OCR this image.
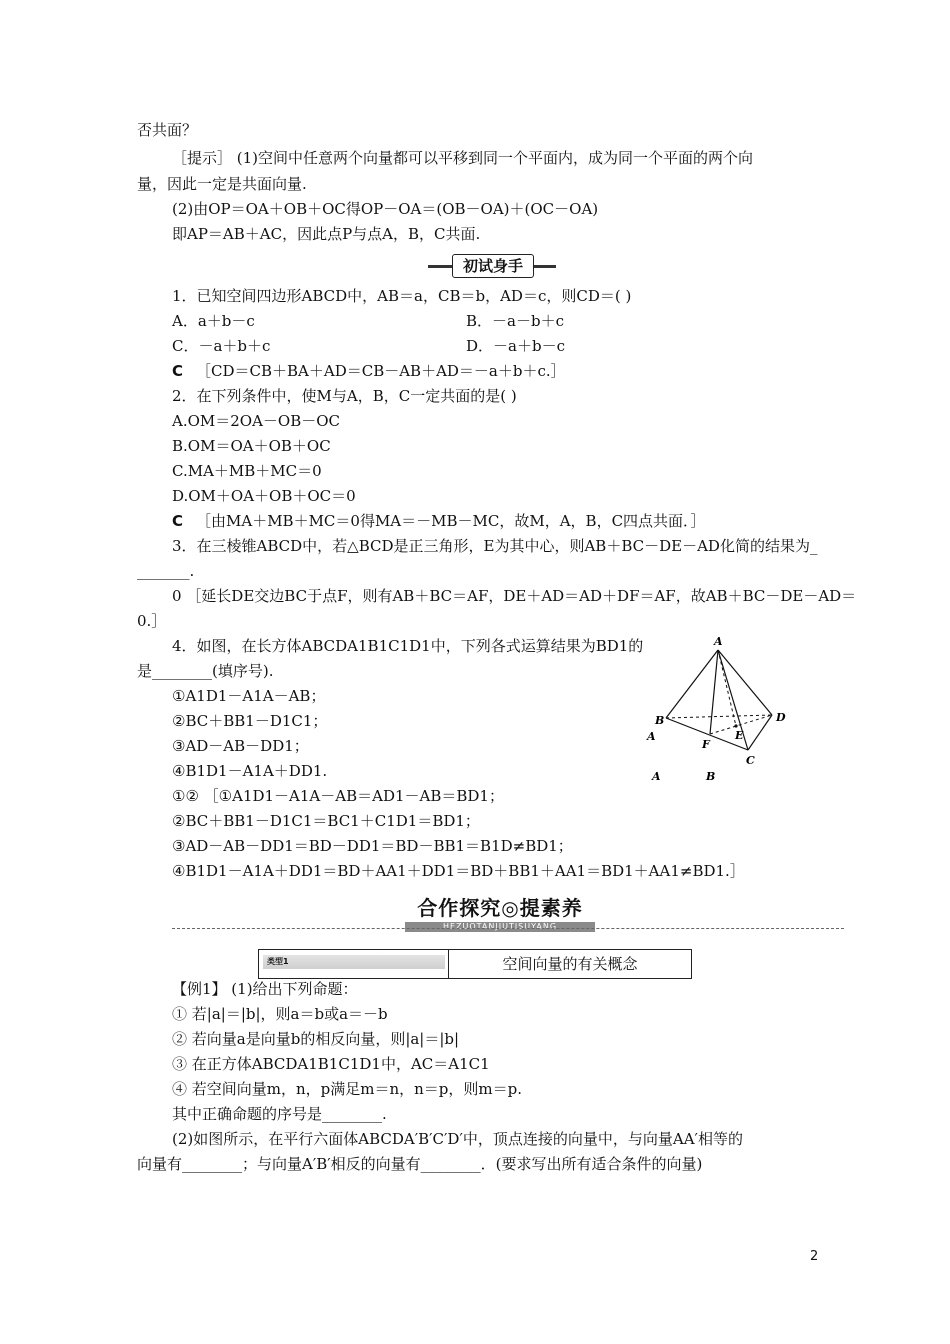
否共面？
［提示］ (1)空间中任意两个向量都可以平移到同一个平面内，成为同一个平面的两个向
量，因此一定是共面向量.
(2)由OP＝OA＋OB＋OC得OP－OA＝(OB－OA)＋(OC－OA)
即AP＝AB＋AC，因此点P与点A，B，C共面.
初试身手
1．已知空间四边形ABCD中，AB＝a，CB＝b，AD＝c，则CD＝( )
A．a＋b－c	B．－a－b＋c
C．－a＋b＋c	D．－a＋b－c
C ［CD＝CB＋BA＋AD＝CB－AB＋AD＝－a＋b＋c.］
2．在下列条件中，使M与A，B，C一定共面的是( )
A.OM＝2OA－OB－OC
B.OM＝OA＋OB＋OC
C.MA＋MB＋MC＝0
D.OM＋OA＋OB＋OC＝0
C ［由MA＋MB＋MC＝0得MA＝－MB－MC，故M，A，B，C四点共面．］
3．在三棱锥ABCD中，若△BCD是正三角形，E为其中心，则AB＋BC－DE－AD化简的结果为_
_______.
0 ［延长DE交边BC于点F，则有AB＋BC＝AF，DE＋AD＝AD＋DF＝AF，故AB＋BC－DE－AD＝
0.］
4．如图，在长方体ABCDA1B1C1D1中，下列各式运算结果为BD1的
是________(填序号).
①A1D1－A1A－AB；
②BC＋BB1－D1C1；
③AD－AB－DD1；
④B1D1－A1A＋DD1.
①② ［①A1D1－A1A－AB＝AD1－AB＝BD1；
②BC＋BB1－D1C1＝BC1＋C1D1＝BD1；
③AD－AB－DD1＝BD－DD1＝BD－BB1＝B1D≠BD1；
④B1D1－A1A＋DD1＝BD＋AA1＋DD1＝BD＋BB1＋AA1＝BD1＋AA1≠BD1.］
A
B	D
C
F
E
A
A	B
合作探究◎提素养
HEZUOTANJIUTISUYANG
类型1	空间向量的有关概念
【例1】 (1)给出下列命题：
① 若|a|＝|b|，则a＝b或a＝－b
② 若向量a是向量b的相反向量，则|a|＝|b|
③ 在正方体ABCDA1B1C1D1中，AC＝A1C1
④ 若空间向量m，n，p满足m＝n，n＝p，则m＝p.
其中正确命题的序号是________.
(2)如图所示，在平行六面体ABCDA′B′C′D′中，顶点连接的向量中，与向量AA′相等的
向量有________；与向量A′B′相反的向量有________．(要求写出所有适合条件的向量)
2
